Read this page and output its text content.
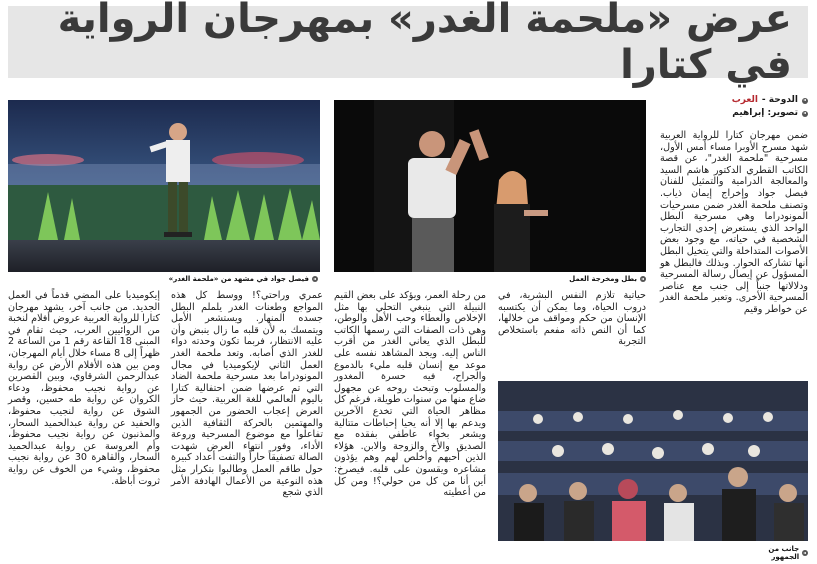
عرض «ملحمة الغدر» بمهرجان الرواية في كتارا
الدوحة -
العرب
تصوير: إبراهيم
فيصل جواد في مشهد من «ملحمة الغدر»	بطل ومخرجة العمل
جانب من الجمهور

ضمن مهرجان كتارا للرواية العربية شهد مسرح الأوبرا مساء أمس الأول، مسرحية "ملحمة الغدر"، عن قصة الكاتب القطري الدكتور هاشم السيد والمعالجة الدرامية والتمثيل للفنان فيصل جواد وإخراج إيمان ذياب. وتصنف ملحمة الغدر ضمن مسرحيات المونودراما وهي مسرحية البطل الواحد الذي يستعرض إحدى التجارب الشخصية في حياته، مع وجود بعض الأصوات المتداخلة والتي يتخيل البطل أنها تشاركه الحوار. وبذلك فالبطل هو المسؤول عن إيصال رسالة المسرحية ودلالاتها جنباً إلى جنب مع عناصر المسرحية الأخرى. وتعبر ملحمة الغدر عن خواطر وقيم

حياتية تلازم النفس البشرية، في دروب الحياة، وما يمكن أن يكتسبه الإنسان من حكم ومواقف من خلالها، كما أن النص ذاته مفعم باستخلاص التجربة

من رحلة العمر، ويؤكد على بعض القيم النبيلة التي ينبغي التحلي بها مثل الإخلاص والعطاء وحب الأهل والوطن، وهي ذات الصفات التي رسمها الكاتب للبطل الذي يعاني الغدر من أقرب الناس إليه. ويجد المشاهد نفسه على موعد مع إنسان قلبه مليء بالدموع والجراح، فيه حسرة المغدور والمسلوب وتبحث روحه عن مجهول ضاع منها من سنوات طويلة، فرغم كل مظاهر الحياة التي تخدع الآخرين ويدعم بها إلا أنه يحيا إحباطات متتالية ويشعر بخواء عاطفي بفقده مع الصديق والأخ والزوجة والابن. هؤلاء الذين أحبهم وأخلص لهم وهم يؤذون مشاعره ويقسون على قلبه. فيصرخ: أين أنا من كل من حولي؟! ومن كل من أعطيته

عمري وراحتي؟! ووسط كل هذه المواجع وطعنات الغدر يلملم البطل جسده المنهار. ويستشعر الأمل ويتمسك به لأن قلبه ما زال ينبض وأن عليه الانتظار، فربما تكون وحدته دواء للغدر الذي أصابه. وتعد ملحمة الغدر العمل الثاني لإيكوميديا في مجال المونودراما بعد مسرحية ملحمة الضاد التي تم عرضها ضمن احتفالية كتارا باليوم العالمي للغة العربية. حيث حاز العرض إعجاب الحضور من الجمهور والمهتمين بالحركة الثقافية الذين تفاعلوا مع موضوع المسرحية وروعة الأداء، وفور انتهاء العرض شهدت الصالة تصفيقاً حاراً والتفت أعداد كبيرة حول طاقم العمل وطالبوا بتكرار مثل هذه النوعية من الأعمال الهادفة الأمر الذي شجع

إيكوميديا على المضي قدماً في العمل الجديد. من جانب آخر، يشهد مهرجان كتارا للرواية العربية عروض أفلام لنخبة من الروائيين العرب، حيث تقام في المبنى 18 القاعة رقم 1 من الساعة 2 ظهراً إلى 8 مساء خلال أيام المهرجان، ومن بين هذه الأفلام الأرض عن رواية عبدالرحمن الشرقاوي، وبين القصرين عن رواية نجيب محفوظ، ودعاء الكروان عن رواية طه حسين، وقصر الشوق عن رواية لنجيب محفوظ، والحفيد عن رواية عبدالحميد السحار، والمذنبون عن رواية نجيب محفوظ، وأم العروسة عن رواية عبدالحميد السحار، والقاهرة 30 عن رواية نجيب محفوظ، وشيء من الخوف عن رواية ثروت أباظة.
